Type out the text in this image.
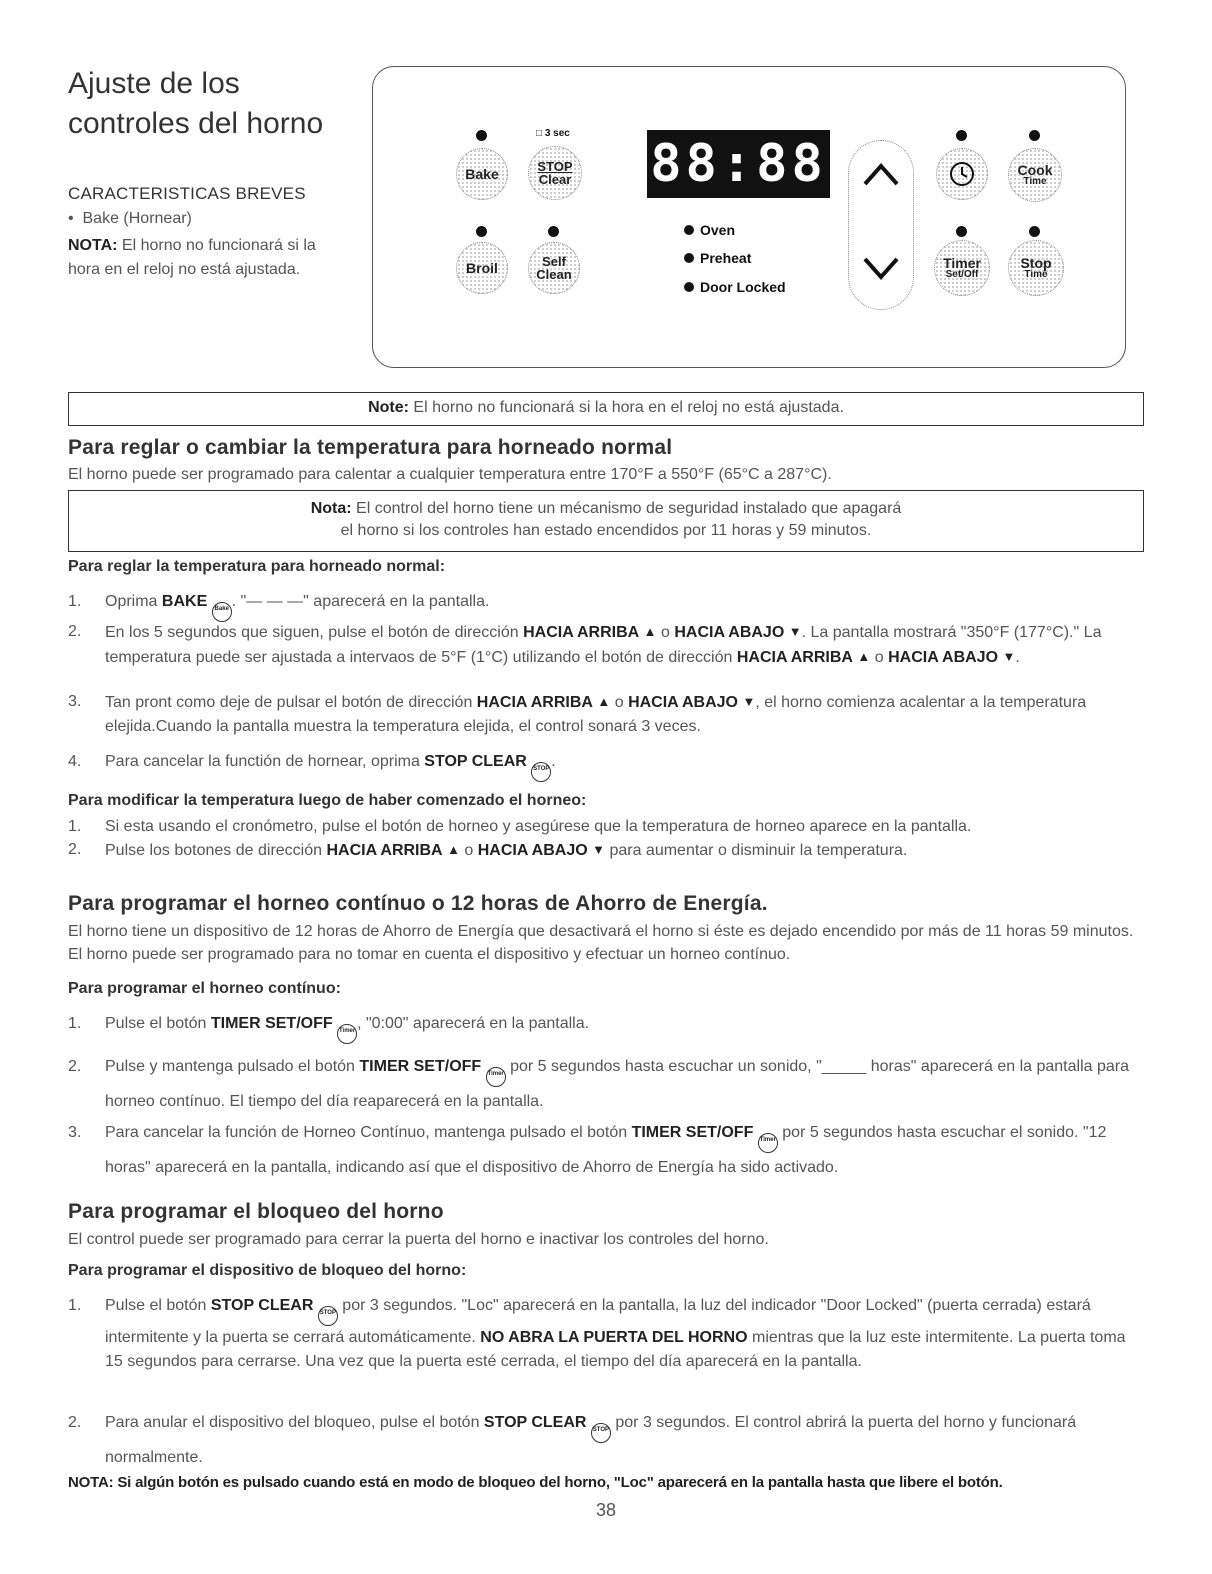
Ajuste de los controles del horno
CARACTERISTICAS BREVES
•  Bake (Hornear)
NOTA: El horno no funcionará si la hora en el reloj no está ajustada.
Bake
□ 3 sec
STOP
Clear
Broil	Self
Clean
88:88
Oven
Preheat
Door Locked
Cook
Time
Timer
Set/Off
Stop
Time
Note: El horno no funcionará si la hora en el reloj no está ajustada.
Para reglar o cambiar la temperatura para horneado normal
El horno puede ser programado para calentar a cualquier temperatura entre 170°F a 550°F (65°C a 287°C).
Nota: El control del horno tiene un mécanismo de seguridad instalado que apagará
el horno si los controles han estado encendidos por 11 horas y 59 minutos.
Para reglar la temperatura para horneado normal:
1. Oprima BAKE Bake . "— — —" aparecerá en la pantalla.
2. En los 5 segundos que siguen, pulse el botón de dirección HACIA ARRIBA ▲ o HACIA ABAJO ▼. La pantalla mostrará "350°F (177°C)." La temperatura puede ser ajustada a intervaos de 5°F (1°C) utilizando el botón de dirección HACIA ARRIBA ▲ o HACIA ABAJO ▼.
3. Tan pront como deje de pulsar el botón de dirección HACIA ARRIBA ▲ o HACIA ABAJO ▼, el horno comienza acalentar a la temperatura elejida.Cuando la pantalla muestra la temperatura elejida, el control sonará 3 veces.
4. Para cancelar la functión de hornear, oprima STOP CLEAR STOP .
Para modificar la temperatura luego de haber comenzado el horneo:
1. Si esta usando el cronómetro, pulse el botón de horneo y asegúrese que la temperatura de horneo aparece en la pantalla.
2. Pulse los botones de dirección HACIA ARRIBA ▲ o HACIA ABAJO ▼ para aumentar o disminuir la temperatura.
Para programar el horneo contínuo o 12 horas de Ahorro de Energía.
El horno tiene un dispositivo de 12 horas de Ahorro de Energía que desactivará el horno si éste es dejado encendido por más de 11 horas 59 minutos. El horno puede ser programado para no tomar en cuenta el dispositivo y efectuar un horneo contínuo.
Para programar el horneo contínuo:
1. Pulse el botón TIMER SET/OFF Timer , "0:00" aparecerá en la pantalla.
2. Pulse y mantenga pulsado el botón TIMER SET/OFF Timer por 5 segundos hasta escuchar un sonido, "_____ horas" aparecerá en la pantalla para horneo contínuo. El tiempo del día reaparecerá en la pantalla.
3. Para cancelar la función de Horneo Contínuo, mantenga pulsado el botón TIMER SET/OFF Timer por 5 segundos hasta escuchar el sonido. "12 horas" aparecerá en la pantalla, indicando así que el dispositivo de Ahorro de Energía ha sido activado.
Para programar el bloqueo del horno
El control puede ser programado para cerrar la puerta del horno e inactivar los controles del horno.
Para programar el dispositivo de bloqueo del horno:
1. Pulse el botón STOP CLEAR STOP por 3 segundos. "Loc" aparecerá en la pantalla, la luz del indicador "Door Locked" (puerta cerrada) estará intermitente y la puerta se cerrará automáticamente. NO ABRA LA PUERTA DEL HORNO mientras que la luz este intermitente. La puerta toma 15 segundos para cerrarse. Una vez que la puerta esté cerrada, el tiempo del día aparecerá en la pantalla.
2. Para anular el dispositivo del bloqueo, pulse el botón STOP CLEAR STOP por 3 segundos. El control abrirá la puerta del horno y funcionará normalmente.
NOTA: Si algún botón es pulsado cuando está en modo de bloqueo del horno, "Loc" aparecerá en la pantalla hasta que libere el botón.
38
